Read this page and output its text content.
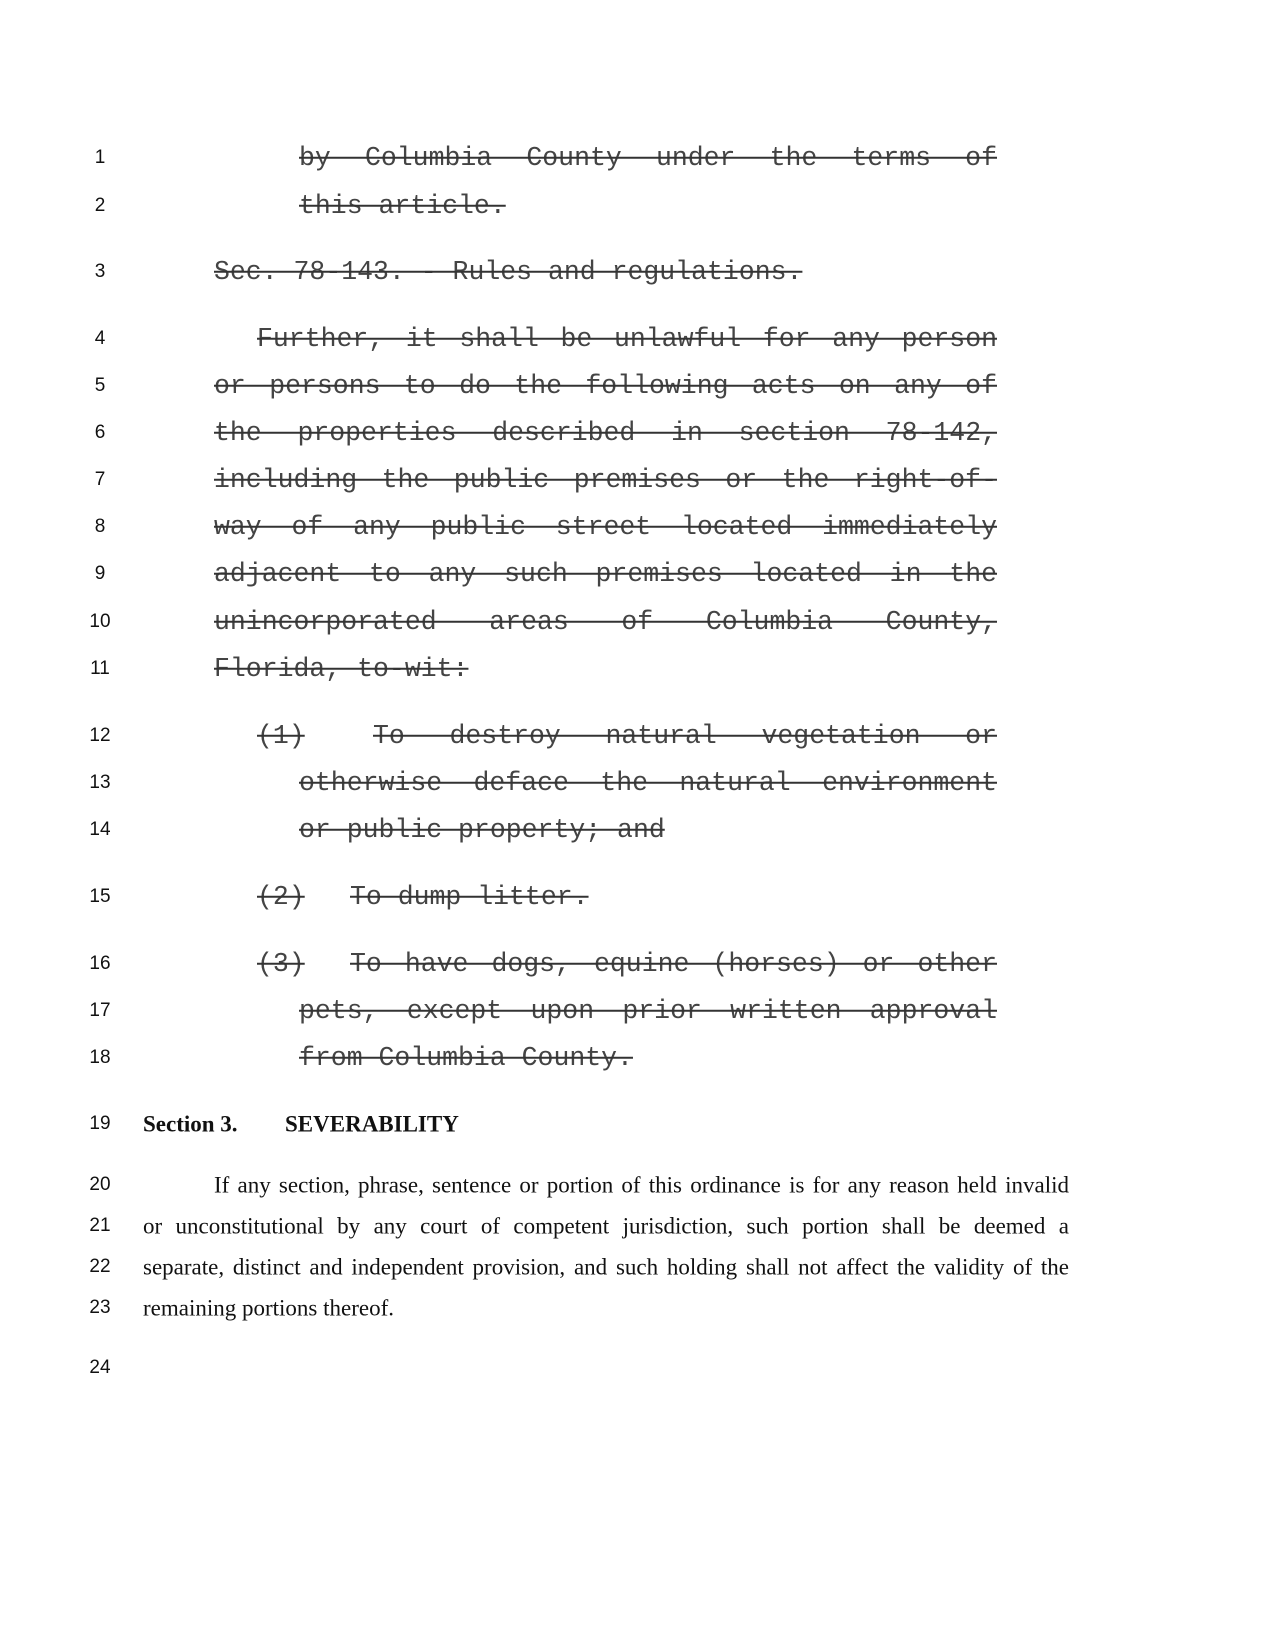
1
2
3
4
5
6
7
8
9
10
11
12
13
14
15
16
17
18
19
20
21
22
23
24
by Columbia County under the terms of
this article.
Sec. 78-143. - Rules and regulations.
Further, it shall be unlawful for any person
or persons to do the following acts on any of
the properties described in section 78-142,
including the public premises or the right-of-
way of any public street located immediately
adjacent to any such premises located in the
unincorporated areas of Columbia County,
Florida, to-wit:
(1)	To destroy natural vegetation or
otherwise deface the natural environment
or public property; and
(2)	To dump litter.
(3)	To have dogs, equine (horses) or other
pets, except upon prior written approval
from Columbia County.
Section 3. SEVERABILITY
If any section, phrase, sentence or portion of this ordinance is for any reason held invalid
or unconstitutional by any court of competent jurisdiction, such portion shall be deemed a
separate, distinct and independent provision, and such holding shall not affect the validity of the
remaining portions thereof.
